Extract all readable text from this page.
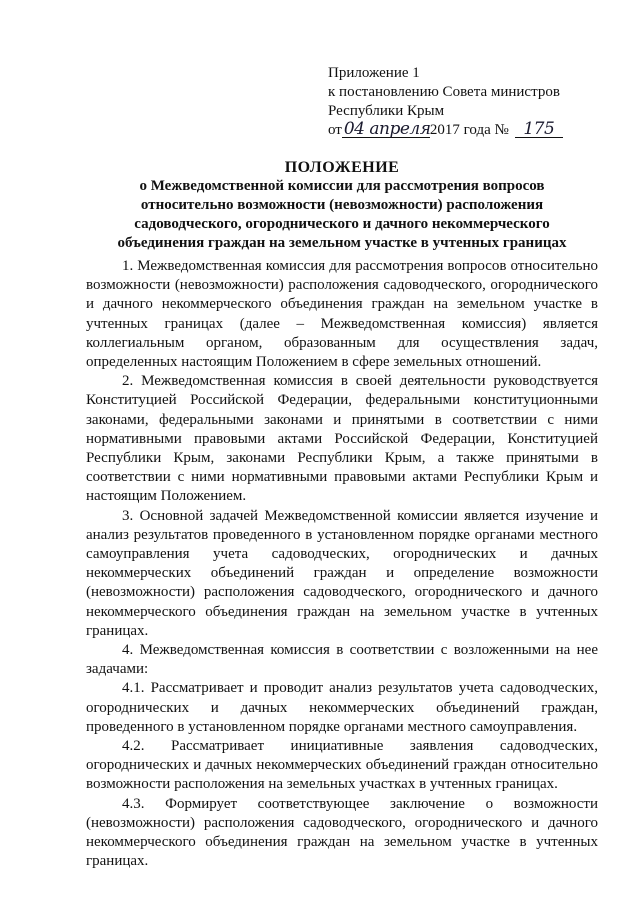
Приложение 1
к постановлению Совета министров
Республики Крым
от 04 апреля 2017 года № 175
ПОЛОЖЕНИЕ
о Межведомственной комиссии для рассмотрения вопросов
относительно возможности (невозможности) расположения
садоводческого, огороднического и дачного некоммерческого
объединения граждан на земельном участке в учтенных границах

1. Межведомственная комиссия для рассмотрения вопросов относительно возможности (невозможности) расположения садоводческого, огороднического и дачного некоммерческого объединения граждан на земельном участке в учтенных границах (далее – Межведомственная комиссия) является коллегиальным органом, образованным для осуществления задач, определенных настоящим Положением в сфере земельных отношений.

2. Межведомственная комиссия в своей деятельности руководствуется Конституцией Российской Федерации, федеральными конституционными законами, федеральными законами и принятыми в соответствии с ними нормативными правовыми актами Российской Федерации, Конституцией Республики Крым, законами Республики Крым, а также принятыми в соответствии с ними нормативными правовыми актами Республики Крым и настоящим Положением.

3. Основной задачей Межведомственной комиссии является изучение и анализ результатов проведенного в установленном порядке органами местного самоуправления учета садоводческих, огороднических и дачных некоммерческих объединений граждан и определение возможности (невозможности) расположения садоводческого, огороднического и дачного некоммерческого объединения граждан на земельном участке в учтенных границах.

4. Межведомственная комиссия в соответствии с возложенными на нее задачами:

4.1. Рассматривает и проводит анализ результатов учета садоводческих, огороднических и дачных некоммерческих объединений граждан, проведенного в установленном порядке органами местного самоуправления.

4.2. Рассматривает инициативные заявления садоводческих, огороднических и дачных некоммерческих объединений граждан относительно возможности расположения на земельных участках в учтенных границах.

4.3. Формирует соответствующее заключение о возможности (невозможности) расположения садоводческого, огороднического и дачного некоммерческого объединения граждан на земельном участке в учтенных границах.
